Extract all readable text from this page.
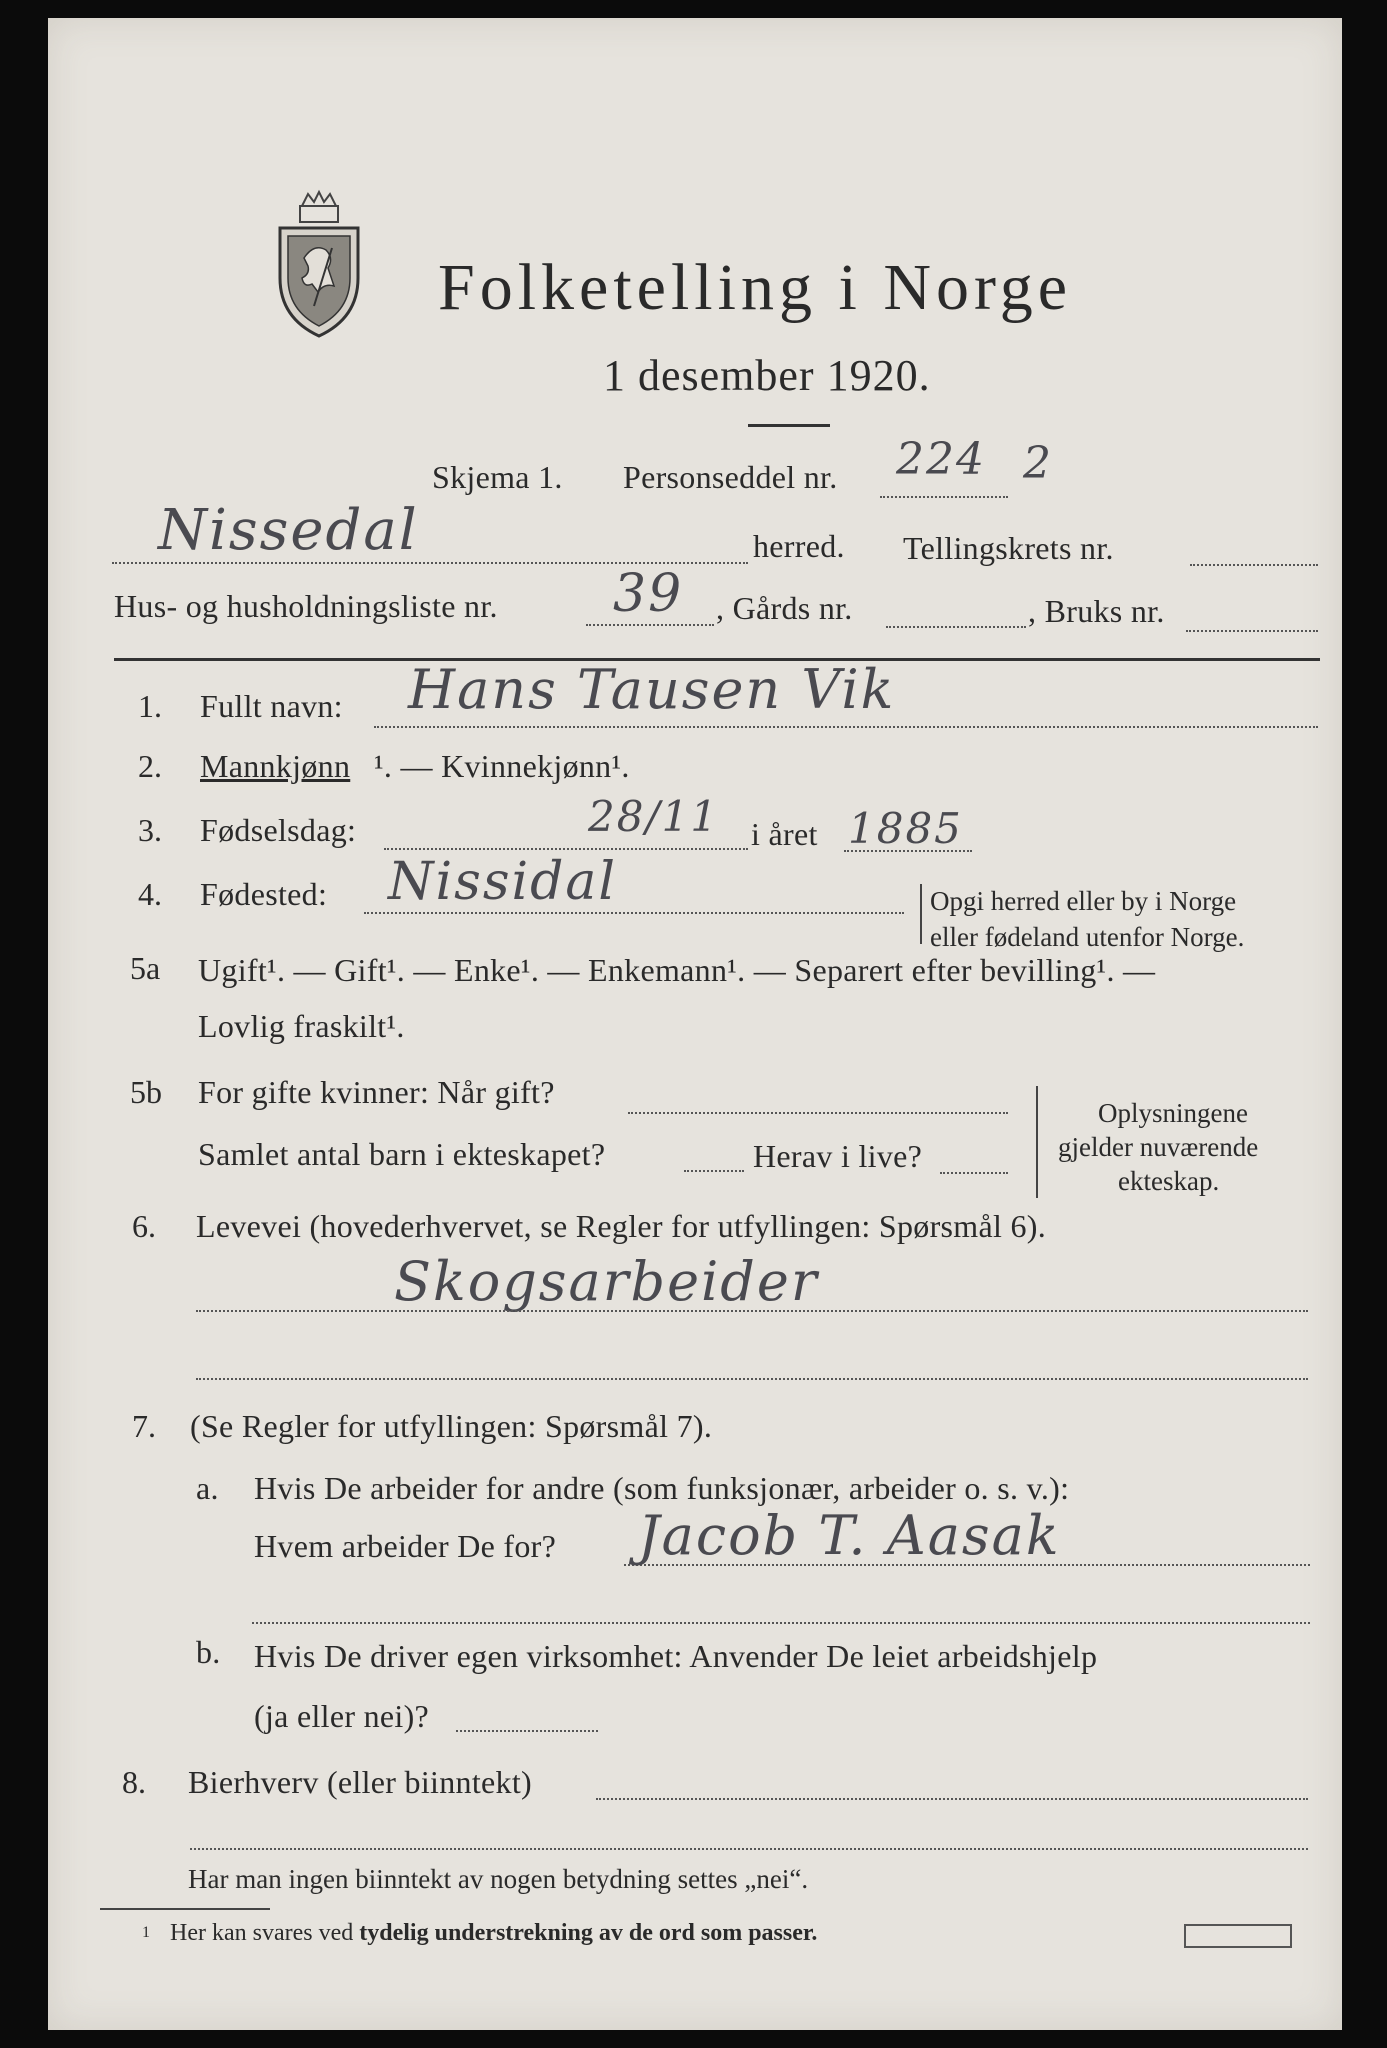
Folketelling i Norge
1 desember 1920.
Skjema 1. Personseddel nr. 224 2
Nissedal	herred. Tellingskrets nr.
Hus- og husholdningsliste nr. 39 , Gårds nr.	, Bruks nr.
1. Fullt navn: Hans Tausen Vik
2. Mannkjønn ¹. — Kvinnekjønn¹.
3. Fødselsdag:	28/11 i året 1885
4. Fødested: Nissidal	Opgi herred eller by i Norge
eller fødeland utenfor Norge.
5a Ugift¹. — Gift¹. — Enke¹. — Enkemann¹. — Separert efter bevilling¹. —
Lovlig fraskilt¹.
5b For gifte kvinner: Når gift?
Samlet antal barn i ekteskapet?	Herav i live?
Oplysningene
gjelder nuværende
ekteskap.
6. Levevei (hovederhvervet, se Regler for utfyllingen: Spørsmål 6).
Skogsarbeider
7. (Se Regler for utfyllingen: Spørsmål 7).
a. Hvis De arbeider for andre (som funksjonær, arbeider o. s. v.):
Hvem arbeider De for? Jacob T. Aasak
b. Hvis De driver egen virksomhet: Anvender De leiet arbeidshjelp
(ja eller nei)?
8. Bierhverv (eller biinntekt)
Har man ingen biinntekt av nogen betydning settes „nei“.
1 Her kan svares ved tydelig understrekning av de ord som passer.
